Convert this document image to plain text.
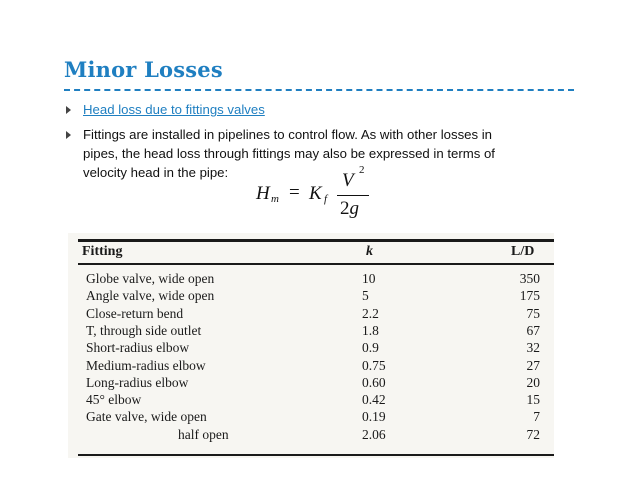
Minor Losses
Head loss due to fittings valves
Fittings are installed in pipelines to control flow. As with other losses in
pipes, the head loss through fittings may also be expressed in terms of
velocity head in the pipe:
H m = K f
V 2
2g
Fitting	k	L/D
Globe valve, wide open	10	350
Angle valve, wide open	5	175
Close-return bend	2.2	75
T, through side outlet	1.8	67
Short-radius elbow	0.9	32
Medium-radius elbow	0.75	27
Long-radius elbow	0.60	20
45° elbow	0.42	15
Gate valve, wide open	0.19	7
half open	2.06	72
